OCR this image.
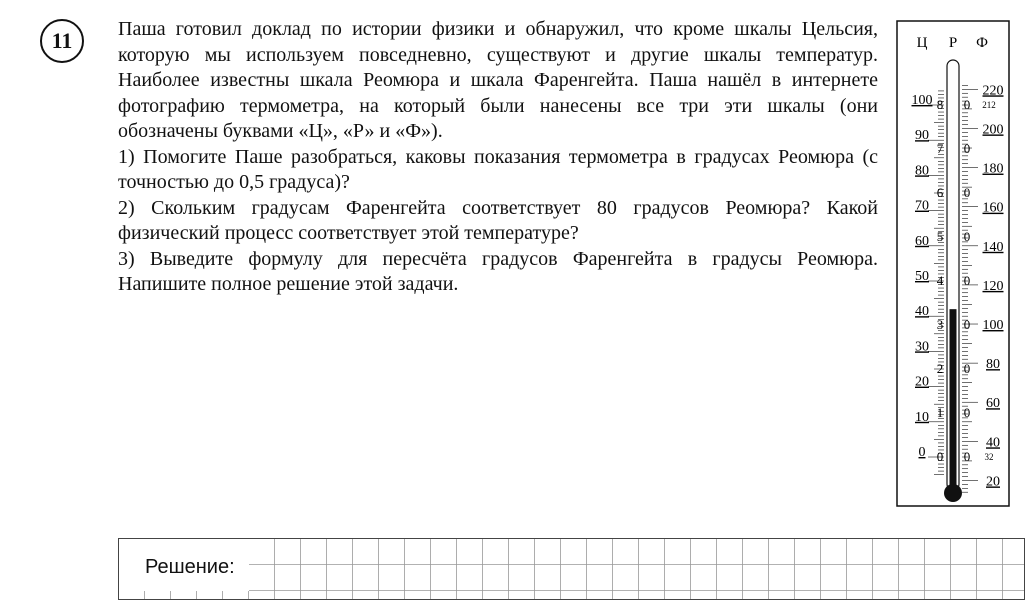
11 Паша готовил доклад по истории физики и обнаружил, что кроме шкалы Цельсия, которую мы используем повседневно, существуют и другие шкалы температур. Наиболее известны шкала Реомюра и шкала Фаренгейта. Паша нашёл в интернете фотографию термометра, на который были нанесены все три эти шкалы (они обозначены буквами «Ц», «Р» и «Ф»).

1) Помогите Паше разобраться, каковы показания термометра в градусах Реомюра (с точностью до 0,5 градуса)?

2) Скольким градусам Фаренгейта соответствует 80 градусов Реомюра? Какой физический процесс соответствует этой температуре?

3) Выведите формулу для пересчёта градусов Фаренгейта в градусы Реомюра. Напишите полное решение этой задачи.

Ц Р Ф
100
90
80
70
60
50
40
30
20
10
0
8 0
7 0
6 0
5 0
4 0
3 0
2 0
1 0
0 0
220
200
180
160
140
120
100
80
60
40
20
212
32
Решение:
